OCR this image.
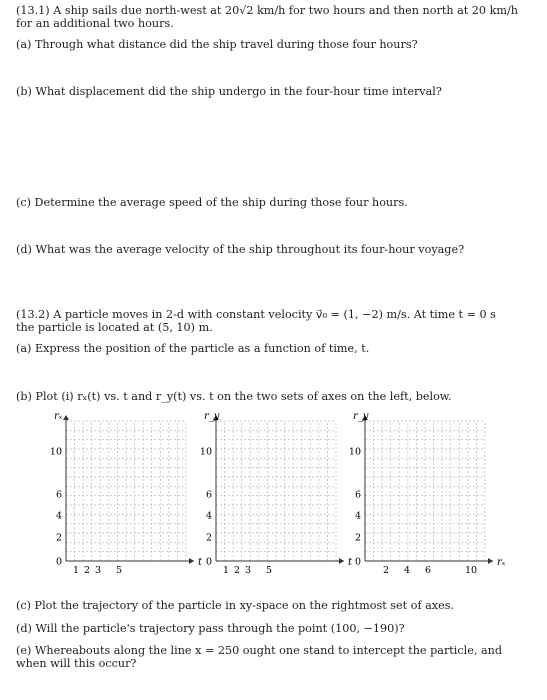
(13.1) A ship sails due north-west at 20√2 km/h for two hours and then north at 20 km/h
for an additional two hours.
(a) Through what distance did the ship travel during those four hours?
(b) What displacement did the ship undergo in the four-hour time interval?
(c) Determine the average speed of the ship during those four hours.
(d) What was the average velocity of the ship throughout its four-hour voyage?
(13.2) A particle moves in 2-d with constant velocity v⃗₀ = (1, −2) m/s. At time t = 0 s
the particle is located at (5, 10) m.
(a) Express the position of the particle as a function of time, t.
(b) Plot (i) rₓ(t) vs. t and r_y(t) vs. t on the two sets of axes on the left, below.
rₓ
t
10
6
4
2
0
1 2 3 5
r_y
t
10
6
4
2
0
1 2 3 5
r_y
rₓ
10
6
4
2
0
2 4 6	10
(c) Plot the trajectory of the particle in xy-space on the rightmost set of axes.
(d) Will the particle's trajectory pass through the point (100, −190)?
(e) Whereabouts along the line x = 250 ought one stand to intercept the particle, and
when will this occur?
